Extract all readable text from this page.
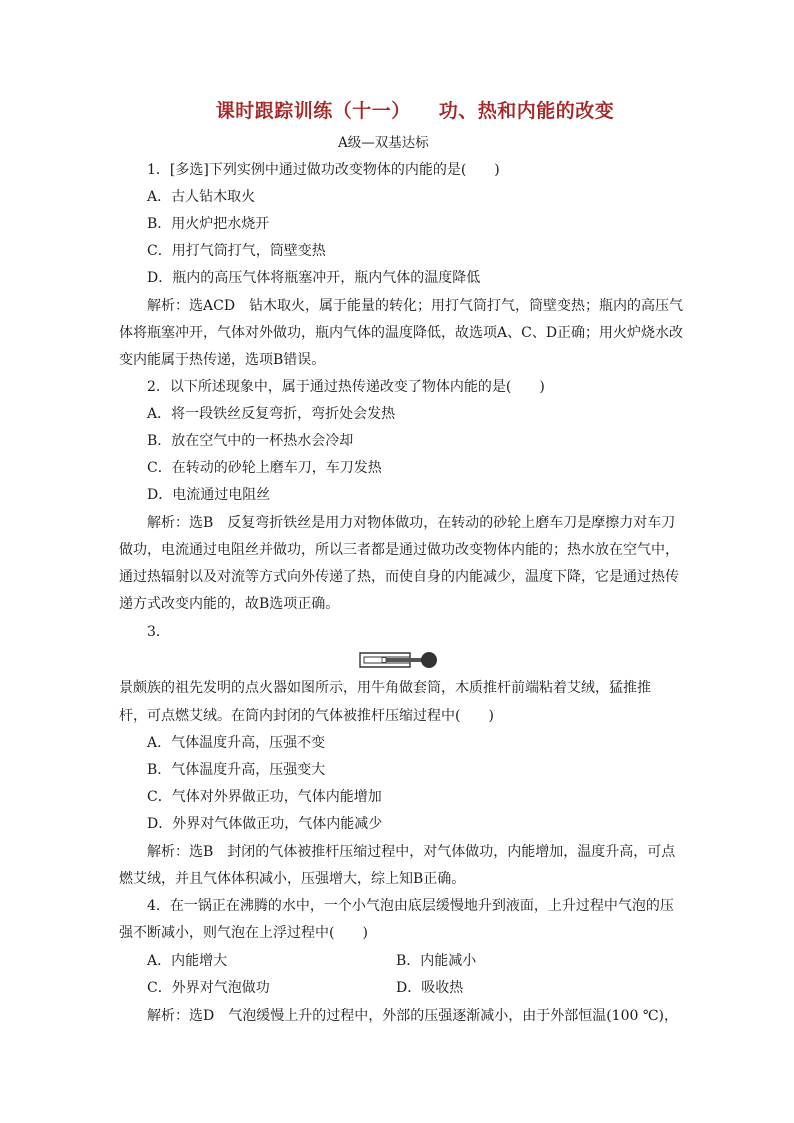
课时跟踪训练（十一） 功、热和内能的改变
A级—双基达标
1．[多选]下列实例中通过做功改变物体的内能的是(　　)
A．古人钻木取火
B．用火炉把水烧开
C．用打气筒打气，筒壁变热
D．瓶内的高压气体将瓶塞冲开，瓶内气体的温度降低
解析：选ACD　钻木取火，属于能量的转化；用打气筒打气，筒壁变热；瓶内的高压气
体将瓶塞冲开，气体对外做功，瓶内气体的温度降低，故选项A、C、D正确；用火炉烧水改
变内能属于热传递，选项B错误。
2．以下所述现象中，属于通过热传递改变了物体内能的是(　　)
A．将一段铁丝反复弯折，弯折处会发热
B．放在空气中的一杯热水会冷却
C．在转动的砂轮上磨车刀，车刀发热
D．电流通过电阻丝
解析：选B　反复弯折铁丝是用力对物体做功，在转动的砂轮上磨车刀是摩擦力对车刀
做功，电流通过电阻丝并做功，所以三者都是通过做功改变物体内能的；热水放在空气中，
通过热辐射以及对流等方式向外传递了热，而使自身的内能减少，温度下降，它是通过热传
递方式改变内能的，故B选项正确。
3．
景颇族的祖先发明的点火器如图所示，用牛角做套筒，木质推杆前端粘着艾绒，猛推推
杆，可点燃艾绒。在筒内封闭的气体被推杆压缩过程中(　　)
A．气体温度升高，压强不变
B．气体温度升高，压强变大
C．气体对外界做正功，气体内能增加
D．外界对气体做正功，气体内能减少
解析：选B　封闭的气体被推杆压缩过程中，对气体做功，内能增加，温度升高，可点
燃艾绒，并且气体体积减小，压强增大，综上知B正确。
4．在一锅正在沸腾的水中，一个小气泡由底层缓慢地升到液面，上升过程中气泡的压
强不断减小，则气泡在上浮过程中(　　)
A．内能增大	B．内能减小
C．外界对气泡做功	D．吸收热
解析：选D　气泡缓慢上升的过程中，外部的压强逐渐减小，由于外部恒温(100 ℃)，
